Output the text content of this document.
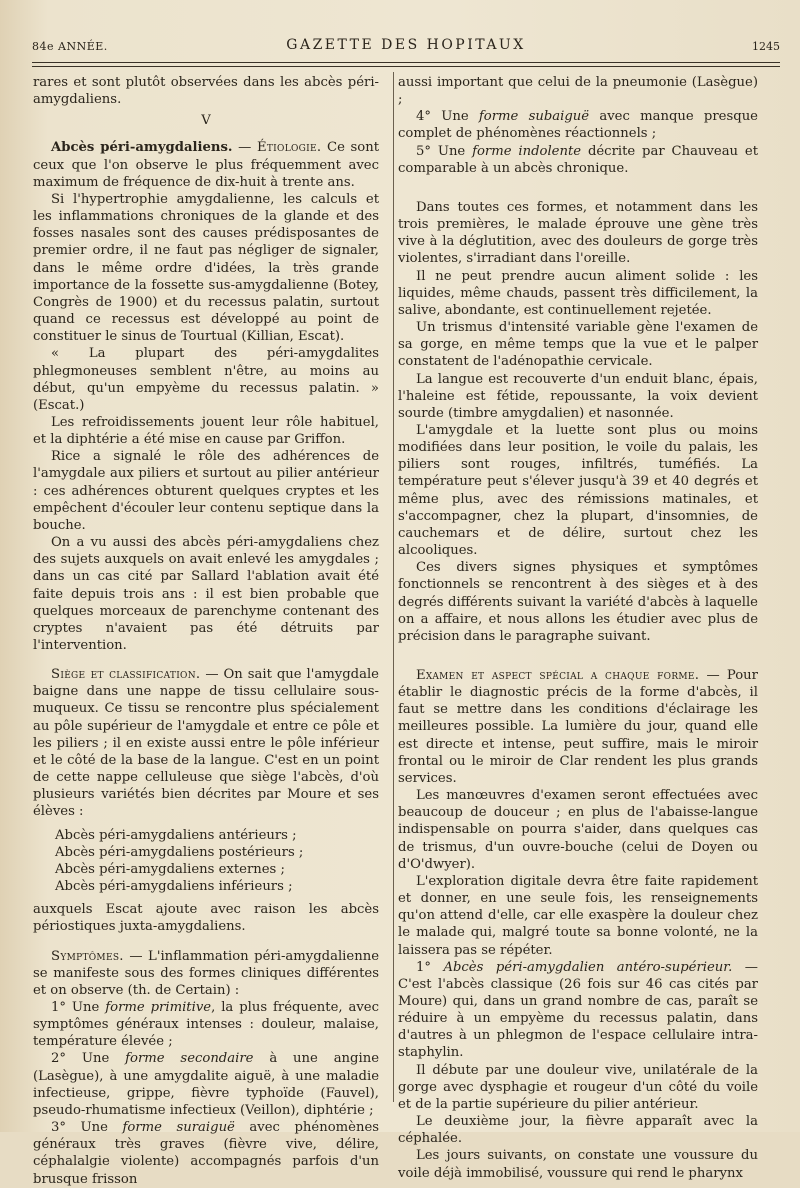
84e ANNÉE.	GAZETTE DES HOPITAUX	1245

rares et sont plutôt observées dans les abcès péri-amygdaliens.

V

Abcès péri-amygdaliens. — Étiologie. Ce sont ceux que l'on observe le plus fréquemment avec maximum de fréquence de dix-huit à trente ans.

Si l'hypertrophie amygdalienne, les calculs et les inflammations chroniques de la glande et des fosses nasales sont des causes prédisposantes de premier ordre, il ne faut pas négliger de signaler, dans le même ordre d'idées, la très grande importance de la fossette sus-amygdalienne (Botey, Congrès de 1900) et du recessus palatin, surtout quand ce recessus est développé au point de constituer le sinus de Tourtual (Killian, Escat).

« La plupart des péri-amygdalites phlegmoneuses semblent n'être, au moins au début, qu'un empyème du recessus palatin. » (Escat.)

Les refroidissements jouent leur rôle habituel, et la diphtérie a été mise en cause par Griffon.

Rice a signalé le rôle des adhérences de l'amygdale aux piliers et surtout au pilier antérieur : ces adhérences obturent quelques cryptes et les empêchent d'écouler leur contenu septique dans la bouche.

On a vu aussi des abcès péri-amygdaliens chez des sujets auxquels on avait enlevé les amygdales ; dans un cas cité par Sallard l'ablation avait été faite depuis trois ans : il est bien probable que quelques morceaux de parenchyme contenant des cryptes n'avaient pas été détruits par l'intervention.

Siège et classification. — On sait que l'amygdale baigne dans une nappe de tissu cellulaire sous-muqueux. Ce tissu se rencontre plus spécialement au pôle supérieur de l'amygdale et entre ce pôle et les piliers ; il en existe aussi entre le pôle inférieur et le côté de la base de la langue. C'est en un point de cette nappe celluleuse que siège l'abcès, d'où plusieurs variétés bien décrites par Moure et ses élèves :

Abcès péri-amygdaliens antérieurs ;
Abcès péri-amygdaliens postérieurs ;
Abcès péri-amygdaliens externes ;
Abcès péri-amygdaliens inférieurs ;

auxquels Escat ajoute avec raison les abcès périostiques juxta-amygdaliens.

Symptômes. — L'inflammation péri-amygdalienne se manifeste sous des formes cliniques différentes et on observe (th. de Certain) :

1° Une forme primitive, la plus fréquente, avec symptômes généraux intenses : douleur, malaise, température élevée ;

2° Une forme secondaire à une angine (Lasègue), à une amygdalite aiguë, à une maladie infectieuse, grippe, fièvre typhoïde (Fauvel), pseudo-rhumatisme infectieux (Veillon), diphtérie ;

3° Une forme suraiguë avec phénomènes généraux très graves (fièvre vive, délire, céphalalgie violente) accompagnés parfois d'un brusque frisson

aussi important que celui de la pneumonie (Lasègue) ;

4° Une forme subaiguë avec manque presque complet de phénomènes réactionnels ;

5° Une forme indolente décrite par Chauveau et comparable à un abcès chronique.

Dans toutes ces formes, et notamment dans les trois premières, le malade éprouve une gène très vive à la déglutition, avec des douleurs de gorge très violentes, s'irradiant dans l'oreille.

Il ne peut prendre aucun aliment solide : les liquides, même chauds, passent très difficilement, la salive, abondante, est continuellement rejetée.

Un trismus d'intensité variable gène l'examen de sa gorge, en même temps que la vue et le palper constatent de l'adénopathie cervicale.

La langue est recouverte d'un enduit blanc, épais, l'haleine est fétide, repoussante, la voix devient sourde (timbre amygdalien) et nasonnée.

L'amygdale et la luette sont plus ou moins modifiées dans leur position, le voile du palais, les piliers sont rouges, infiltrés, tuméfiés. La température peut s'élever jusqu'à 39 et 40 degrés et même plus, avec des rémissions matinales, et s'accompagner, chez la plupart, d'insomnies, de cauchemars et de délire, surtout chez les alcooliques.

Ces divers signes physiques et symptômes fonctionnels se rencontrent à des sièges et à des degrés différents suivant la variété d'abcès à laquelle on a affaire, et nous allons les étudier avec plus de précision dans le paragraphe suivant.

Examen et aspect spécial a chaque forme. — Pour établir le diagnostic précis de la forme d'abcès, il faut se mettre dans les conditions d'éclairage les meilleures possible. La lumière du jour, quand elle est directe et intense, peut suffire, mais le miroir frontal ou le miroir de Clar rendent les plus grands services.

Les manœuvres d'examen seront effectuées avec beaucoup de douceur ; en plus de l'abaisse-langue indispensable on pourra s'aider, dans quelques cas de trismus, d'un ouvre-bouche (celui de Doyen ou d'O'dwyer).

L'exploration digitale devra être faite rapidement et donner, en une seule fois, les renseignements qu'on attend d'elle, car elle exaspère la douleur chez le malade qui, malgré toute sa bonne volonté, ne la laissera pas se répéter.

1° Abcès péri-amygdalien antéro-supérieur. — C'est l'abcès classique (26 fois sur 46 cas cités par Moure) qui, dans un grand nombre de cas, paraît se réduire à un empyème du recessus palatin, dans d'autres à un phlegmon de l'espace cellulaire intra-staphylin.

Il débute par une douleur vive, unilatérale de la gorge avec dysphagie et rougeur d'un côté du voile et de la partie supérieure du pilier antérieur.

Le deuxième jour, la fièvre apparaît avec la céphalée.

Les jours suivants, on constate une voussure du voile déjà immobilisé, voussure qui rend le pharynx
